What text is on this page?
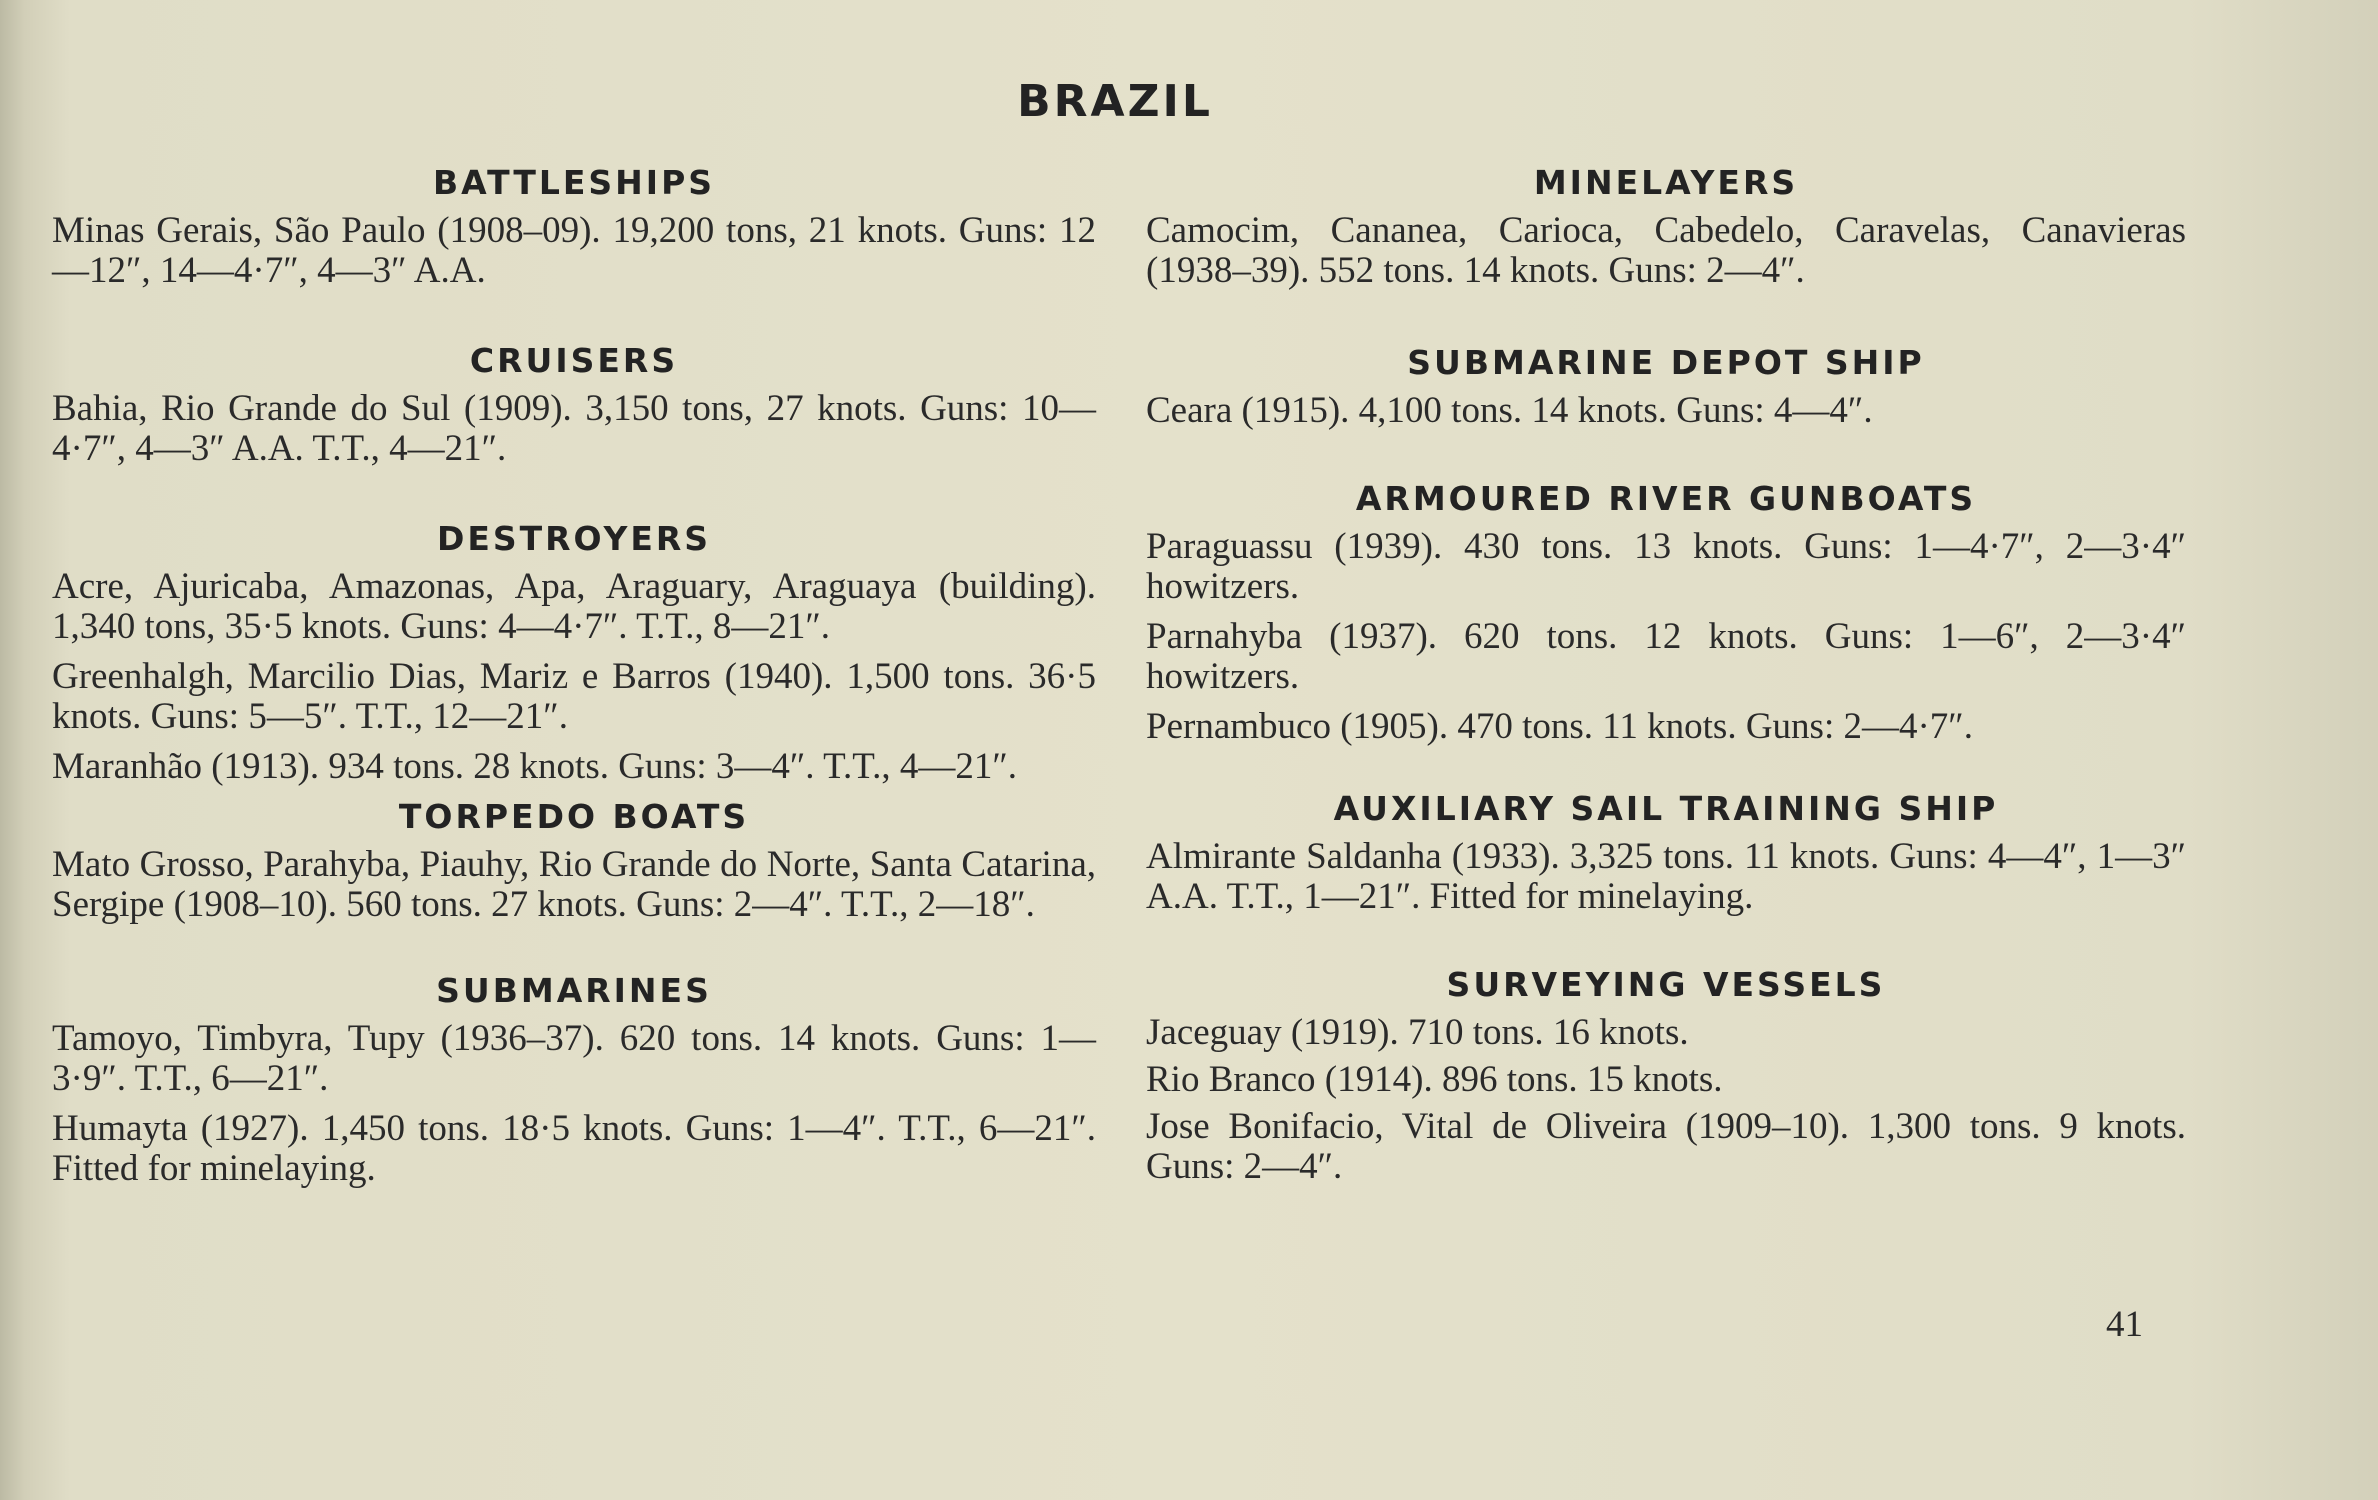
BRAZIL
BATTLESHIPS

Minas Gerais, São Paulo (1908–09). 19,200 tons, 21 knots. Guns: 12—12″, 14—4·7″, 4—3″ A.A.

CRUISERS

Bahia, Rio Grande do Sul (1909). 3,150 tons, 27 knots. Guns: 10—4·7″, 4—3″ A.A. T.T., 4—21″.

DESTROYERS

Acre, Ajuricaba, Amazonas, Apa, Araguary, Araguaya (building). 1,340 tons, 35·5 knots. Guns: 4—4·7″. T.T., 8—21″.

Greenhalgh, Marcilio Dias, Mariz e Barros (1940). 1,500 tons. 36·5 knots. Guns: 5—5″. T.T., 12—21″.

Maranhão (1913). 934 tons. 28 knots. Guns: 3—4″. T.T., 4—21″.

TORPEDO BOATS

Mato Grosso, Parahyba, Piauhy, Rio Grande do Norte, Santa Catarina, Sergipe (1908–10). 560 tons. 27 knots. Guns: 2—4″. T.T., 2—18″.

SUBMARINES

Tamoyo, Timbyra, Tupy (1936–37). 620 tons. 14 knots. Guns: 1—3·9″. T.T., 6—21″.

Humayta (1927). 1,450 tons. 18·5 knots. Guns: 1—4″. T.T., 6—21″. Fitted for minelaying.

MINELAYERS

Camocim, Cananea, Carioca, Cabedelo, Caravelas, Canavieras (1938–39). 552 tons. 14 knots. Guns: 2—4″.

SUBMARINE DEPOT SHIP

Ceara (1915). 4,100 tons. 14 knots. Guns: 4—4″.

ARMOURED RIVER GUNBOATS

Paraguassu (1939). 430 tons. 13 knots. Guns: 1—4·7″, 2—3·4″ howitzers.

Parnahyba (1937). 620 tons. 12 knots. Guns: 1—6″, 2—3·4″ howitzers.

Pernambuco (1905). 470 tons. 11 knots. Guns: 2—4·7″.

AUXILIARY SAIL TRAINING SHIP

Almirante Saldanha (1933). 3,325 tons. 11 knots. Guns: 4—4″, 1—3″ A.A. T.T., 1—21″. Fitted for minelaying.

SURVEYING VESSELS

Jaceguay (1919). 710 tons. 16 knots.

Rio Branco (1914). 896 tons. 15 knots.

Jose Bonifacio, Vital de Oliveira (1909–10). 1,300 tons. 9 knots. Guns: 2—4″.

41
